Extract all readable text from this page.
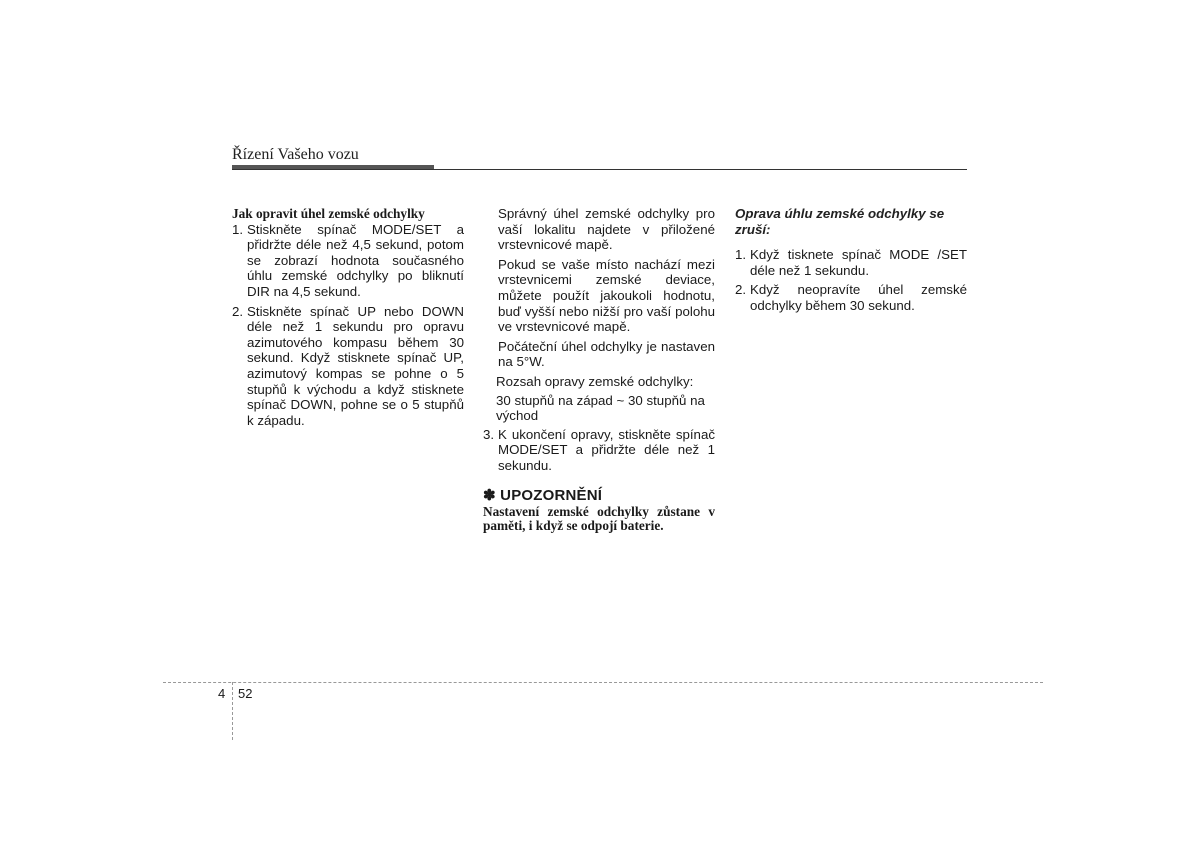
Řízení Vašeho vozu

Jak opravit úhel zemské odchylky

1. Stiskněte spínač MODE/SET a přidržte déle než 4,5 sekund, potom se zobrazí hodnota současného úhlu zemské odchylky po bliknutí DIR na 4,5 sekund.
2. Stiskněte spínač UP nebo DOWN déle než 1 sekundu pro opravu azimutového kompasu během 30 sekund. Když stisknete spínač UP, azimutový kompas se pohne o 5 stupňů k východu a když stisknete spínač DOWN, pohne se o 5 stupňů k západu.

Správný úhel zemské odchylky pro vaší lokalitu najdete v přiložené vrstevnicové mapě.

Pokud se vaše místo nachází mezi vrstevnicemi zemské deviace, můžete použít jakoukoli hodnotu, buď vyšší nebo nižší pro vaší polohu ve vrstevnicové mapě.

Počáteční úhel odchylky je nastaven na 5°W.

Rozsah opravy zemské odchylky:

30 stupňů na západ ~ 30 stupňů na východ

3. K ukončení opravy, stiskněte spínač MODE/SET a přidržte déle než 1 sekundu.

✽ UPOZORNĚNÍ

Nastavení zemské odchylky zůstane v paměti, i když se odpojí baterie.

Oprava úhlu zemské odchylky se zruší:

1. Když tisknete spínač MODE /SET déle než 1 sekundu.
2. Když neopravíte úhel zemské odchylky během 30 sekund.
4 52
